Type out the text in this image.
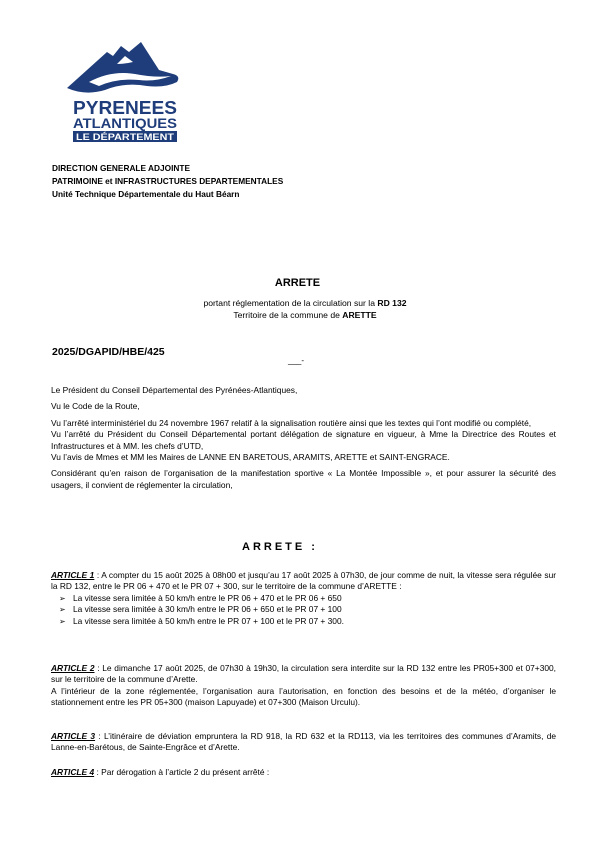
PYRENEES
ATLANTIQUES
LE DÉPARTEMENT
DIRECTION GENERALE ADJOINTE
PATRIMOINE et INFRASTRUCTURES DEPARTEMENTALES
Unité Technique Départementale du Haut Béarn
ARRETE
portant réglementation de la circulation sur la RD 132
Territoire de la commune de ARETTE
2025/DGAPID/HBE/425
___-

Le Président du Conseil Départemental des Pyrénées-Atlantiques,

Vu le Code de la Route,

Vu l’arrêté interministériel du 24 novembre 1967 relatif à la signalisation routière ainsi que les textes qui l’ont modifié ou complété,

Vu l’arrêté du Président du Conseil Départemental portant délégation de signature en vigueur, à Mme la Directrice des Routes et Infrastructures et à MM. les chefs d’UTD,

Vu l’avis de Mmes et MM les Maires de LANNE EN BARETOUS, ARAMITS, ARETTE et SAINT-ENGRACE.

Considérant qu’en raison de l’organisation de la manifestation sportive « La Montée Impossible », et pour assurer la sécurité des usagers, il convient de réglementer la circulation,

ARRETE :

ARTICLE 1 : A compter du 15 août 2025 à 08h00 et jusqu’au 17 août 2025 à 07h30, de jour comme de nuit, la vitesse sera régulée sur la RD 132, entre le PR 06 + 470 et le PR 07 + 300, sur le territoire de la commune d’ARETTE :

➢ La vitesse sera limitée à 50 km/h entre le PR 06 + 470 et le PR 06 + 650
➢ La vitesse sera limitée à 30 km/h entre le PR 06 + 650 et le PR 07 + 100
➢ La vitesse sera limitée à 50 km/h entre le PR 07 + 100 et le PR 07 + 300.

ARTICLE 2 : Le dimanche 17 août 2025, de 07h30 à 19h30, la circulation sera interdite sur la RD 132 entre les PR05+300 et 07+300, sur le territoire de la commune d’Arette.

A l’intérieur de la zone réglementée, l’organisation aura l’autorisation, en fonction des besoins et de la météo, d’organiser le stationnement entre les PR 05+300 (maison Lapuyade) et 07+300 (Maison Urculu).

ARTICLE 3 : L’itinéraire de déviation empruntera la RD 918, la RD 632 et la RD113, via les territoires des communes d’Aramits, de Lanne-en-Barétous, de Sainte-Engrâce et d’Arette.

ARTICLE 4 : Par dérogation à l’article 2 du présent arrêté :
